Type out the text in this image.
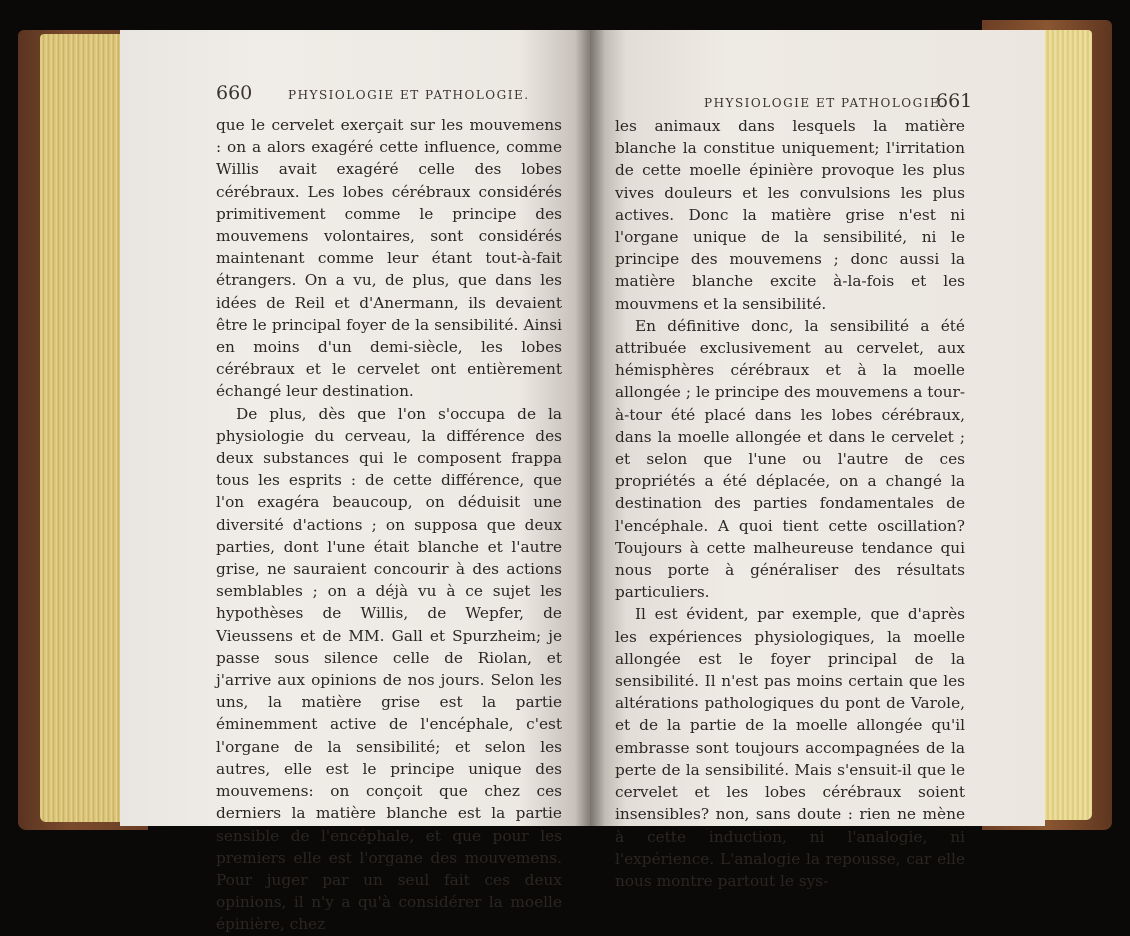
660	PHYSIOLOGIE ET PATHOLOGIE.

que le cervelet exerçait sur les mouvemens : on a alors exagéré cette influence, comme Willis avait exagéré celle des lobes cérébraux. Les lobes cérébraux considérés primitivement comme le principe des mouvemens volontaires, sont considérés maintenant comme leur étant tout-à-fait étrangers. On a vu, de plus, que dans les idées de Reil et d'Anermann, ils devaient être le principal foyer de la sensibilité. Ainsi en moins d'un demi-siècle, les lobes cérébraux et le cervelet ont entièrement échangé leur destination.

De plus, dès que l'on s'occupa de la physiologie du cerveau, la différence des deux substances qui le composent frappa tous les esprits : de cette différence, que l'on exagéra beaucoup, on déduisit une diversité d'actions ; on supposa que deux parties, dont l'une était blanche et l'autre grise, ne sauraient concourir à des actions semblables ; on a déjà vu à ce sujet les hypothèses de Willis, de Wepfer, de Vieussens et de MM. Gall et Spurzheim; je passe sous silence celle de Riolan, et j'arrive aux opinions de nos jours. Selon les uns, la matière grise est la partie éminemment active de l'encéphale, c'est l'organe de la sensibilité; et selon les autres, elle est le principe unique des mouvemens: on conçoit que chez ces derniers la matière blanche est la partie sensible de l'encéphale, et que pour les premiers elle est l'organe des mouvemens. Pour juger par un seul fait ces deux opinions, il n'y a qu'à considérer la moelle épinière, chez

PHYSIOLOGIE ET PATHOLOGIE.
661

les animaux dans lesquels la matière blanche la constitue uniquement; l'irritation de cette moelle épinière provoque les plus vives douleurs et les convulsions les plus actives. Donc la matière grise n'est ni l'organe unique de la sensibilité, ni le principe des mouvemens ; donc aussi la matière blanche excite à-la-fois et les mouvmens et la sensibilité.

En définitive donc, la sensibilité a été attribuée exclusivement au cervelet, aux hémisphères cérébraux et à la moelle allongée ; le principe des mouvemens a tour-à-tour été placé dans les lobes cérébraux, dans la moelle allongée et dans le cervelet ; et selon que l'une ou l'autre de ces propriétés a été déplacée, on a changé la destination des parties fondamentales de l'encéphale. A quoi tient cette oscillation? Toujours à cette malheureuse tendance qui nous porte à généraliser des résultats particuliers.

Il est évident, par exemple, que d'après les expériences physiologiques, la moelle allongée est le foyer principal de la sensibilité. Il n'est pas moins certain que les altérations pathologiques du pont de Varole, et de la partie de la moelle allongée qu'il embrasse sont toujours accompagnées de la perte de la sensibilité. Mais s'ensuit-il que le cervelet et les lobes cérébraux soient insensibles? non, sans doute : rien ne mène à cette induction, ni l'analogie, ni l'expérience. L'analogie la repousse, car elle nous montre partout le sys-
